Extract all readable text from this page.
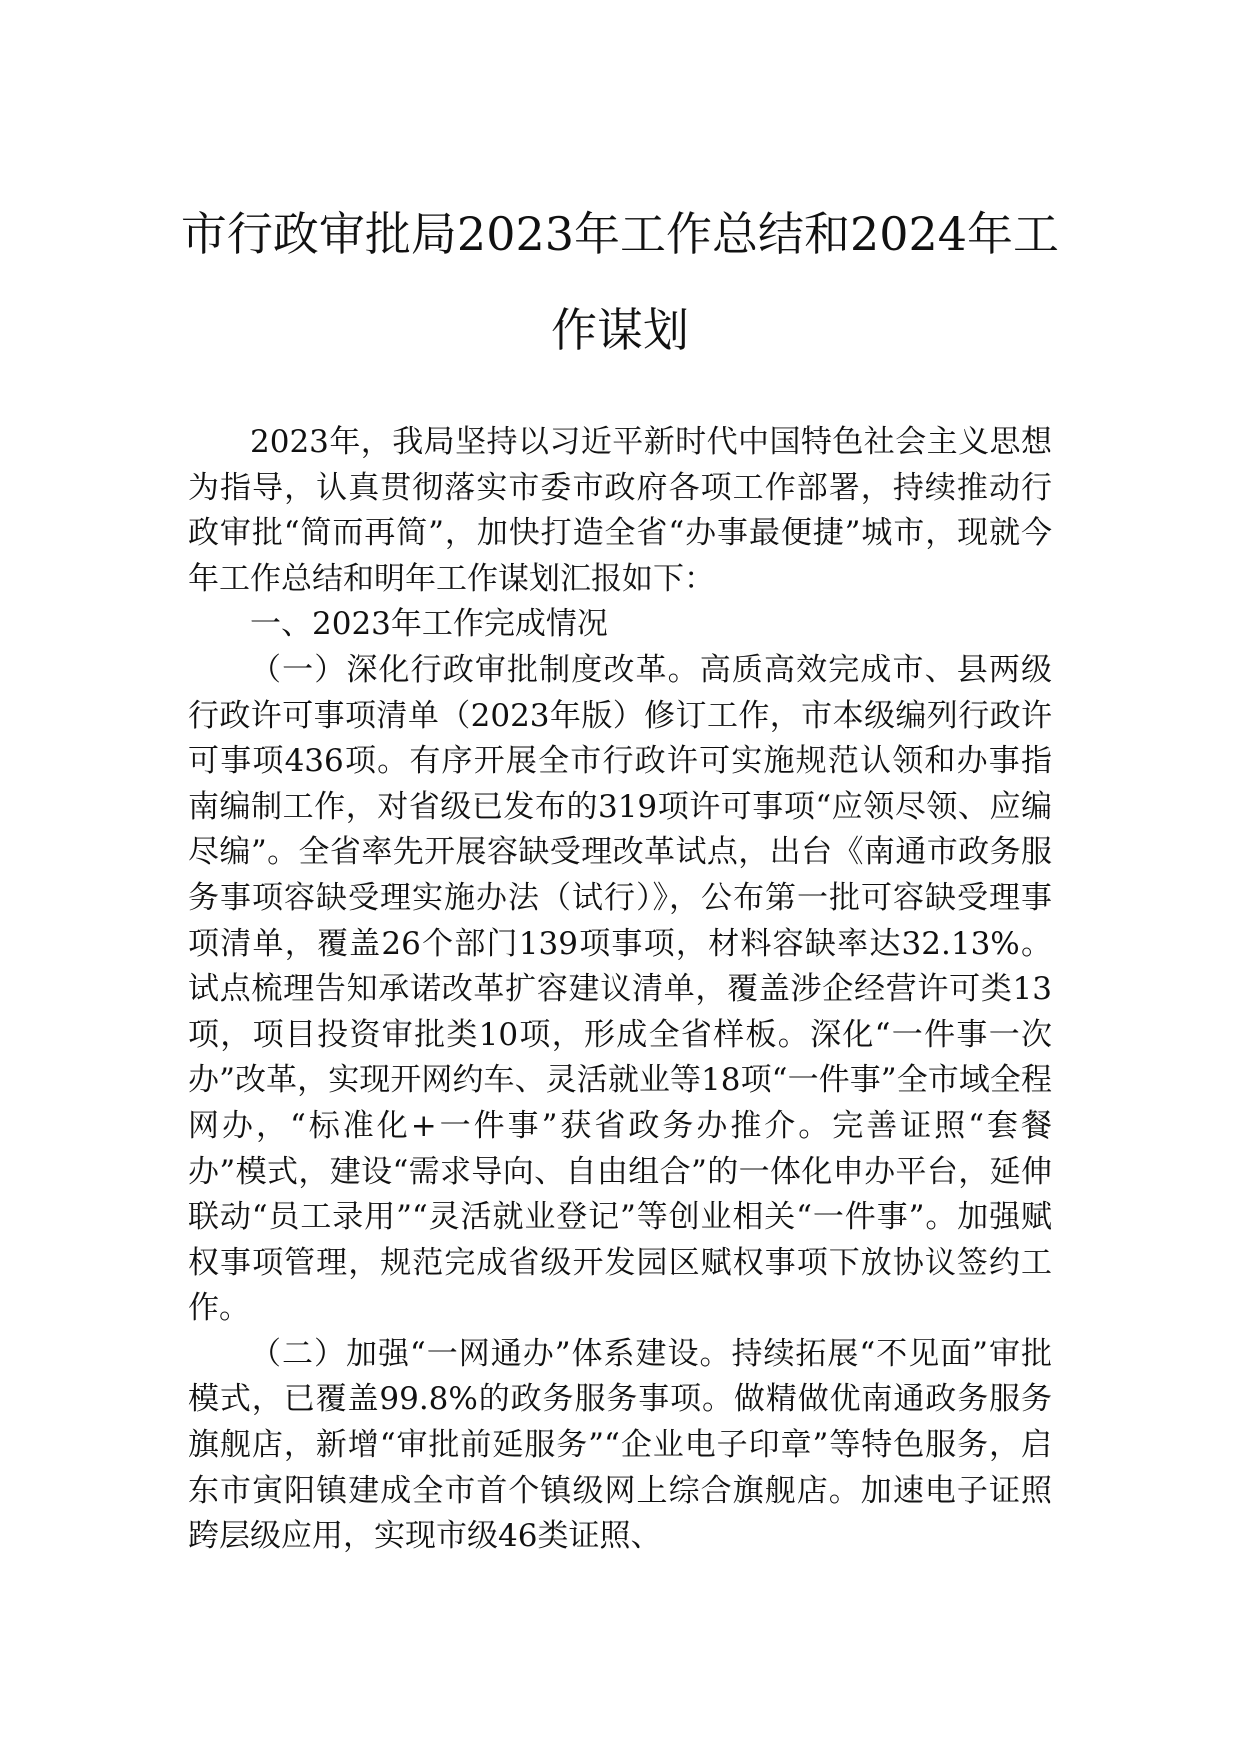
市行政审批局2023年工作总结和2024年工作谋划

2023年，我局坚持以习近平新时代中国特色社会主义思想为指导，认真贯彻落实市委市政府各项工作部署，持续推动行政审批“简而再简”，加快打造全省“办事最便捷”城市，现就今年工作总结和明年工作谋划汇报如下：

一、2023年工作完成情况

（一）深化行政审批制度改革。高质高效完成市、县两级行政许可事项清单（2023年版）修订工作，市本级编列行政许可事项436项。有序开展全市行政许可实施规范认领和办事指南编制工作，对省级已发布的319项许可事项“应领尽领、应编尽编”。全省率先开展容缺受理改革试点，出台《南通市政务服务事项容缺受理实施办法（试行）》，公布第一批可容缺受理事项清单，覆盖26个部门139项事项，材料容缺率达32.13%。试点梳理告知承诺改革扩容建议清单，覆盖涉企经营许可类13项，项目投资审批类10项，形成全省样板。深化“一件事一次办”改革，实现开网约车、灵活就业等18项“一件事”全市域全程网办，“标准化+一件事”获省政务办推介。完善证照“套餐办”模式，建设“需求导向、自由组合”的一体化申办平台，延伸联动“员工录用”“灵活就业登记”等创业相关“一件事”。加强赋权事项管理，规范完成省级开发园区赋权事项下放协议签约工作。

（二）加强“一网通办”体系建设。持续拓展“不见面”审批模式，已覆盖99.8%的政务服务事项。做精做优南通政务服务旗舰店，新增“审批前延服务”“企业电子印章”等特色服务，启东市寅阳镇建成全市首个镇级网上综合旗舰店。加速电子证照跨层级应用，实现市级46类证照、
